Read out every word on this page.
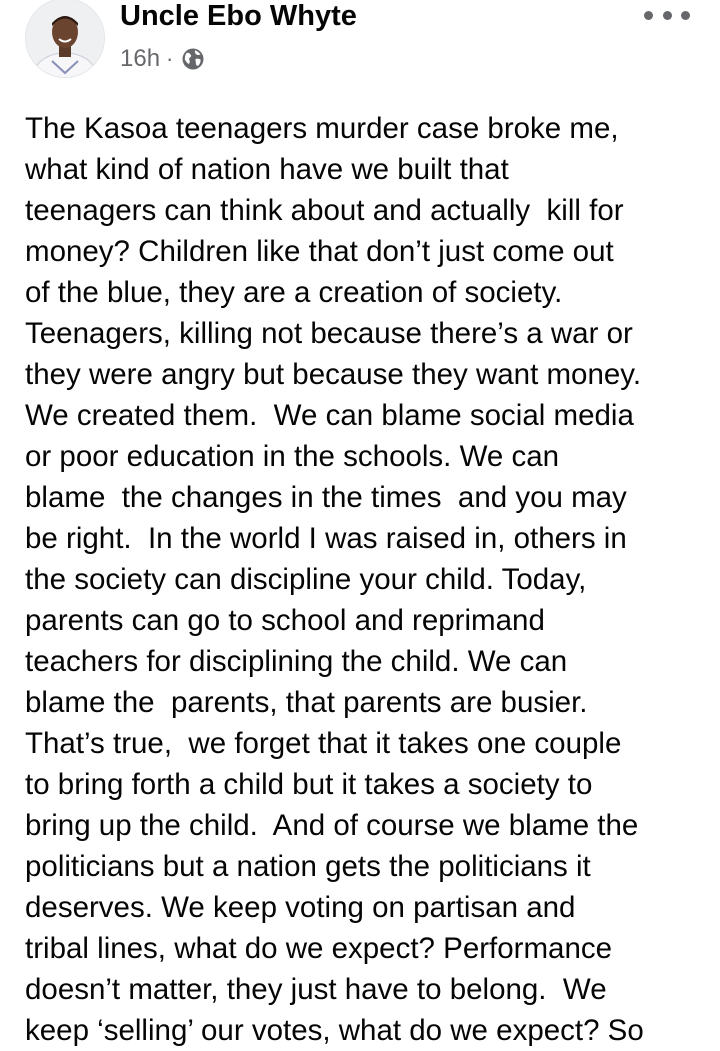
Uncle Ebo Whyte
16h ·
The Kasoa teenagers murder case broke me,
what kind of nation have we built that
teenagers can think about and actually  kill for
money? Children like that don’t just come out
of the blue, they are a creation of society.
Teenagers, killing not because there’s a war or
they were angry but because they want money.
We created them.  We can blame social media
or poor education in the schools. We can
blame  the changes in the times  and you may
be right.  In the world I was raised in, others in
the society can discipline your child. Today,
parents can go to school and reprimand
teachers for disciplining the child. We can
blame the  parents, that parents are busier.
That’s true,  we forget that it takes one couple
to bring forth a child but it takes a society to
bring up the child.  And of course we blame the
politicians but a nation gets the politicians it
deserves. We keep voting on partisan and
tribal lines, what do we expect? Performance
doesn’t matter, they just have to belong.  We
keep ‘selling’ our votes, what do we expect? So
